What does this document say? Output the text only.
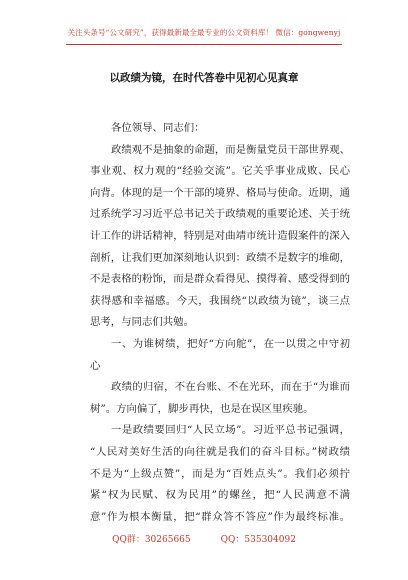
关注头条号“公文研究”，获得最新最全最专业的公文资料库！ 微信：gongwenyj
以政绩为镜，在时代答卷中见初心见真章
各位领导、同志们：
政绩观不是抽象的命题，而是衡量党员干部世界观、
事业观、权力观的“经验交流”。它关乎事业成败、民心
向背。体现的是一个干部的境界、格局与使命。近期，通
过系统学习习近平总书记关于政绩观的重要论述、关于统
计工作的讲话精神，特别是对曲靖市统计造假案件的深入
剖析，让我们更加深刻地认识到：政绩不是数字的堆砌，
不是表格的粉饰，而是群众看得见、摸得着、感受得到的
获得感和幸福感。今天，我围绕“以政绩为镜”，谈三点
思考，与同志们共勉。
一、为谁树绩，把好“方向舵”，在一以贯之中守初
心
政绩的归宿，不在台账、不在光环，而在于“为谁而
树”。方向偏了，脚步再快，也是在误区里疾驰。
一是政绩要回归“人民立场”。习近平总书记强调，
“人民对美好生活的向往就是我们的奋斗目标。”树政绩
不是为“上级点赞”，而是为“百姓点头”。我们必须拧
紧“权为民赋、权为民用”的螺丝，把“人民满意不满
意”作为根本衡量，把“群众答不答应”作为最终标准。
QQ群：30265665	QQ：535304092
